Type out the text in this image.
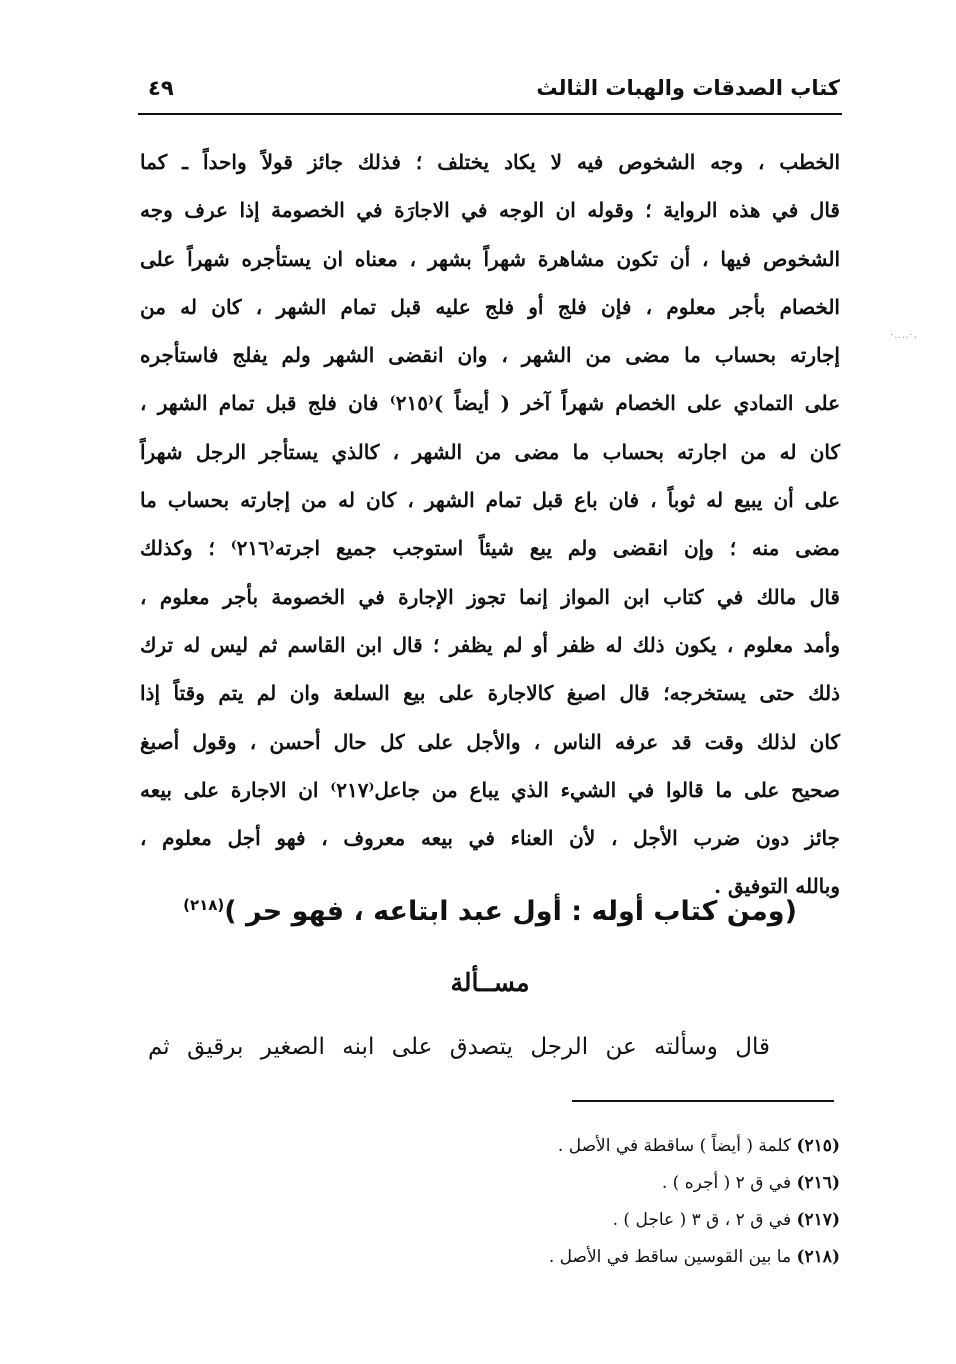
كتاب الصدقات والهبات الثالث
٤٩
الخطب ، وجه الشخوص فيه لا يكاد يختلف ؛ فذلك جائز قولاً واحداً ـ كما
قال في هذه الرواية ؛ وقوله ان الوجه في الاجارَة في الخصومة إذا عرف وجه
الشخوص فيها ، أن تكون مشاهرة شهراً بشهر ، معناه ان يستأجره شهراً على
الخصام بأجر معلوم ، فإن فلج أو فلج عليه قبل تمام الشهر ، كان له من
إجارته بحساب ما مضى من الشهر ، وان انقضى الشهر ولم يفلج فاستأجره
على التمادي على الخصام شهراً آخر ( أيضاً )⁽٢١٥⁾ فان فلج قبل تمام الشهر ،
كان له من اجارته بحساب ما مضى من الشهر ، كالذي يستأجر الرجل شهراً
على أن يبيع له ثوباً ، فان باع قبل تمام الشهر ، كان له من إجارته بحساب ما
مضى منه ؛ وإن انقضى ولم يبع شيئاً استوجب جميع اجرته⁽٢١٦⁾ ؛ وكذلك
قال مالك في كتاب ابن المواز إنما تجوز الإجارة في الخصومة بأجر معلوم ،
وأمد معلوم ، يكون ذلك له ظفر أو لم يظفر ؛ قال ابن القاسم ثم ليس له ترك
ذلك حتى يستخرجه؛ قال اصبغ كالاجارة على بيع السلعة وان لم يتم وقتاً إذا
كان لذلك وقت قد عرفه الناس ، والأجل على كل حال أحسن ، وقول أصبغ
صحيح على ما قالوا في الشيء الذي يباع من جاعل⁽٢١٧⁾ ان الاجارة على بيعه
جائز دون ضرب الأجل ، لأن العناء في بيعه معروف ، فهو أجل معلوم ،
وبالله التوفيق .
(ومن كتاب أوله : أول عبد ابتاعه ، فهو حر )$^{(٢١٨)}$
مســألة
قال وسألته عن الرجل يتصدق على ابنه الصغير برقيق ثم
(٢١٥) كلمة ( أيضاً ) ساقطة في الأصل .
(٢١٦) في ق ٢ ( أجره ) .
(٢١٧) في ق ٢ ، ق ٣ ( عاجل ) .
(٢١٨) ما بين القوسين ساقط في الأصل .
·‥‥·.
